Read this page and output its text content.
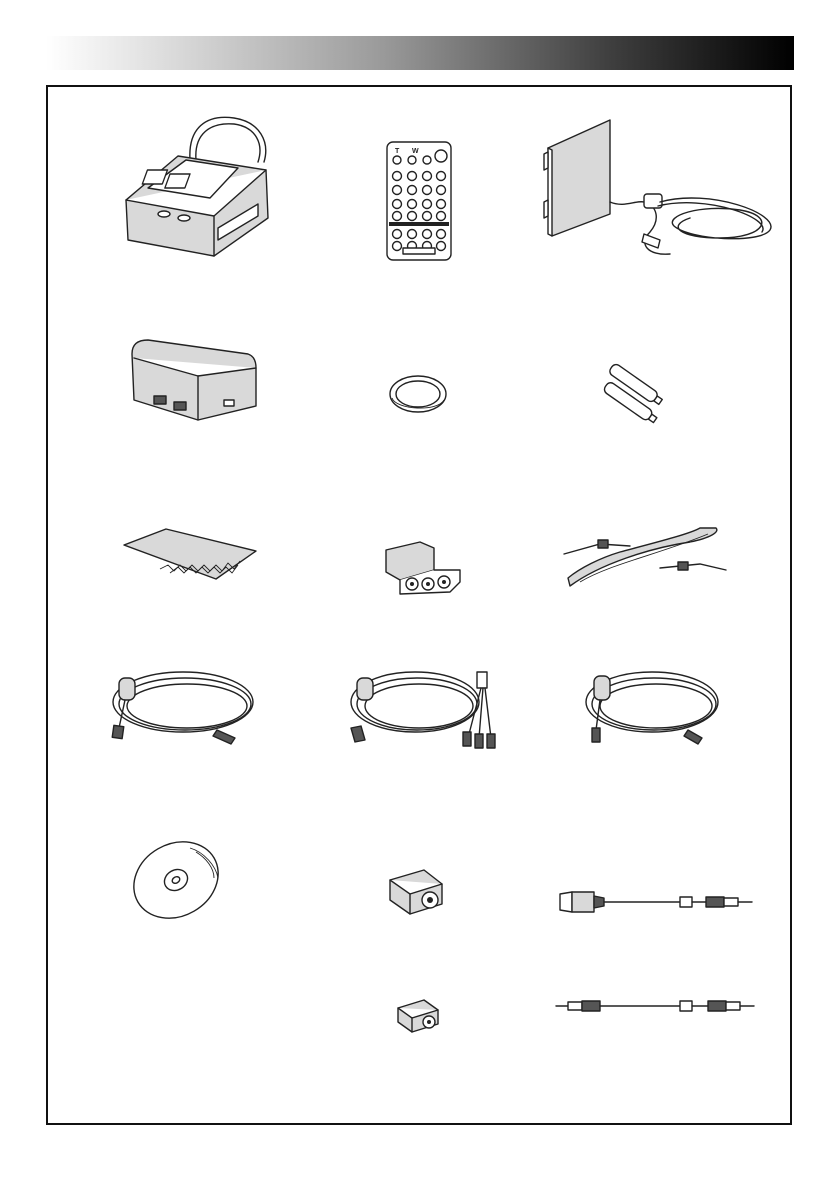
T W
